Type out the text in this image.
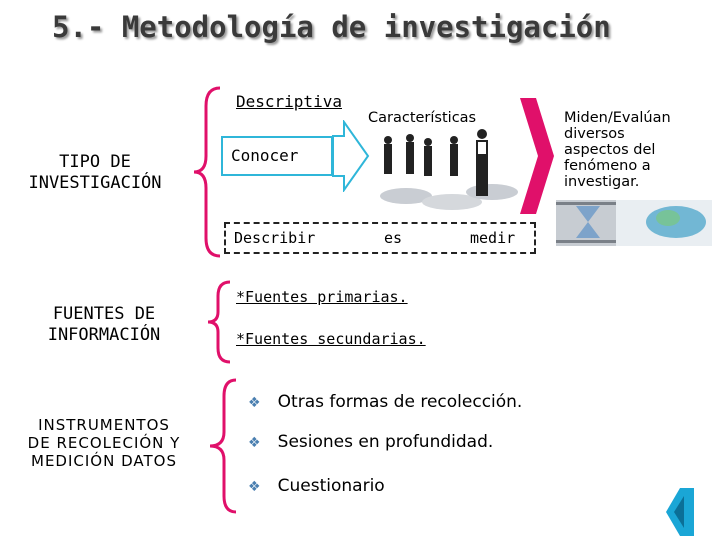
5.- Metodología de investigación
TIPO DE
INVESTIGACIÓN
Descriptiva
Características
Conocer
Miden/Evalúan
diversos
aspectos del
fenómeno a
investigar.
Describir	es	medir
FUENTES DE
INFORMACIÓN
*Fuentes primarias.
*Fuentes secundarias.
INSTRUMENTOS
DE RECOLECIÓN Y
MEDICIÓN DATOS
❖ Otras formas de recolección.
❖ Sesiones en profundidad.
❖ Cuestionario
